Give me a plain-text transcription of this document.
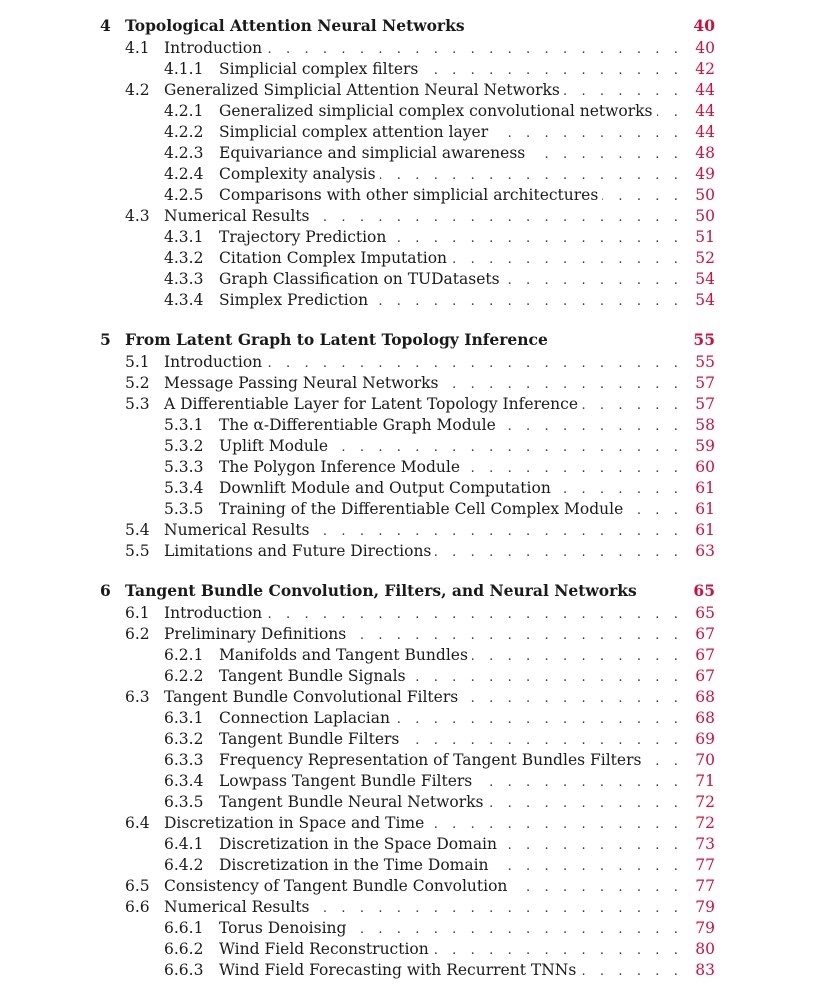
4 Topological Attention Neural Networks	40
4.1 Introduction . . .	40
4.1.1	Simplicial complex filters . . .	42
4.2 Generalized Simplicial Attention Neural Networks . . .	44
4.2.1	Generalized simplicial complex convolutional networks . . .	44
4.2.2	Simplicial complex attention layer . . .	44
4.2.3	Equivariance and simplicial awareness . . .	48
4.2.4	Complexity analysis . . .	49
4.2.5	Comparisons with other simplicial architectures . . .	50
4.3 Numerical Results . . .	50
4.3.1	Trajectory Prediction . . .	51
4.3.2	Citation Complex Imputation . . .	52
4.3.3	Graph Classification on TUDatasets . . .	54
4.3.4	Simplex Prediction . . .	54
5 From Latent Graph to Latent Topology Inference	55
5.1 Introduction . . .	55
5.2 Message Passing Neural Networks . . .	57
5.3 A Differentiable Layer for Latent Topology Inference . . .	57
5.3.1	The α-Differentiable Graph Module . . .	58
5.3.2	Uplift Module . . .	59
5.3.3	The Polygon Inference Module . . .	60
5.3.4	Downlift Module and Output Computation . . .	61
5.3.5	Training of the Differentiable Cell Complex Module . . .	61
5.4 Numerical Results . . .	61
5.5 Limitations and Future Directions . . .	63
6 Tangent Bundle Convolution, Filters, and Neural Networks	65
6.1 Introduction . . .	65
6.2 Preliminary Definitions . . .	67
6.2.1	Manifolds and Tangent Bundles . . .	67
6.2.2	Tangent Bundle Signals . . .	67
6.3 Tangent Bundle Convolutional Filters . . .	68
6.3.1	Connection Laplacian . . .	68
6.3.2	Tangent Bundle Filters . . .	69
6.3.3	Frequency Representation of Tangent Bundles Filters . . .	70
6.3.4	Lowpass Tangent Bundle Filters . . .	71
6.3.5	Tangent Bundle Neural Networks . . .	72
6.4 Discretization in Space and Time . . .	72
6.4.1	Discretization in the Space Domain . . .	73
6.4.2	Discretization in the Time Domain . . .	77
6.5 Consistency of Tangent Bundle Convolution . . .	77
6.6 Numerical Results . . .	79
6.6.1	Torus Denoising . . .	79
6.6.2	Wind Field Reconstruction . . .	80
6.6.3	Wind Field Forecasting with Recurrent TNNs . . .	83
